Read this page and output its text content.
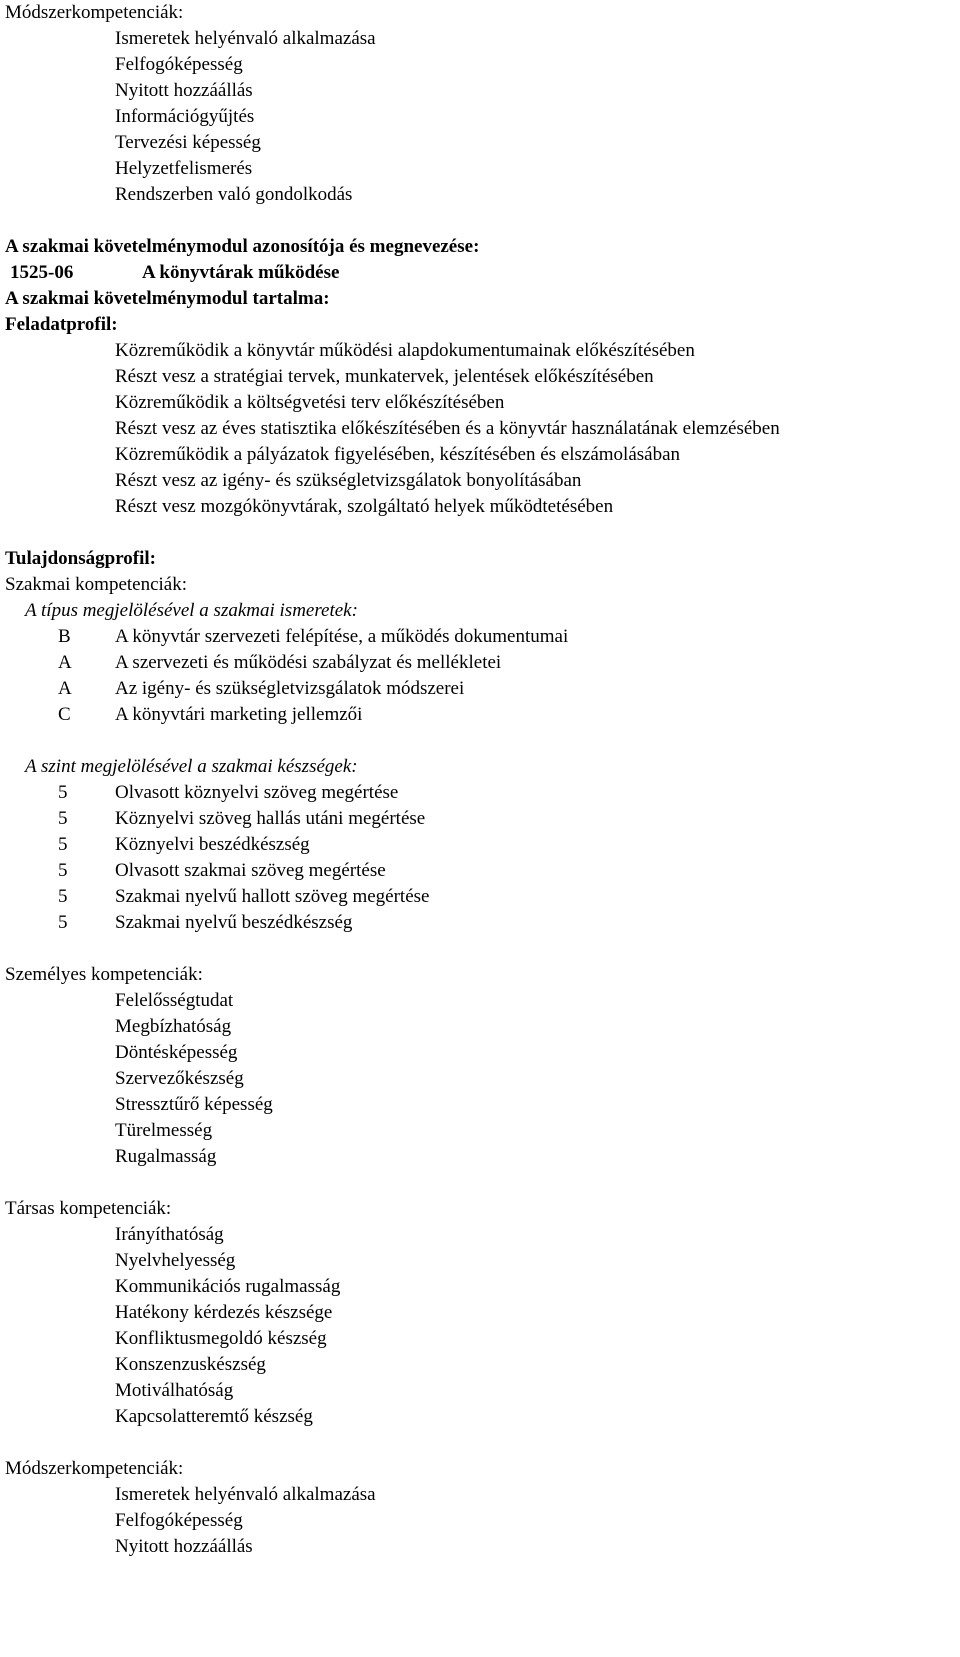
Módszerkompetenciák:
Ismeretek helyénvaló alkalmazása
Felfogóképesség
Nyitott hozzáállás
Információgyűjtés
Tervezési képesség
Helyzetfelismerés
Rendszerben való gondolkodás
A szakmai követelménymodul azonosítója és megnevezése:
1525-06	A könyvtárak működése
A szakmai követelménymodul tartalma:
Feladatprofil:
Közreműködik a könyvtár működési alapdokumentumainak előkészítésében
Részt vesz a stratégiai tervek, munkatervek, jelentések előkészítésében
Közreműködik a költségvetési terv előkészítésében
Részt vesz az éves statisztika előkészítésében és a könyvtár használatának elemzésében
Közreműködik a pályázatok figyelésében, készítésében és elszámolásában
Részt vesz az igény- és szükségletvizsgálatok bonyolításában
Részt vesz mozgókönyvtárak, szolgáltató helyek működtetésében
Tulajdonságprofil:
Szakmai kompetenciák:
A típus megjelölésével a szakmai ismeretek:
B	A könyvtár szervezeti felépítése, a működés dokumentumai
A	A szervezeti és működési szabályzat és mellékletei
A	Az igény- és szükségletvizsgálatok módszerei
C	A könyvtári marketing jellemzői
A szint megjelölésével a szakmai készségek:
5	Olvasott köznyelvi szöveg megértése
5	Köznyelvi szöveg hallás utáni megértése
5	Köznyelvi beszédkészség
5	Olvasott szakmai szöveg megértése
5	Szakmai nyelvű hallott szöveg megértése
5	Szakmai nyelvű beszédkészség
Személyes kompetenciák:
Felelősségtudat
Megbízhatóság
Döntésképesség
Szervezőkészség
Stressztűrő képesség
Türelmesség
Rugalmasság
Társas kompetenciák:
Irányíthatóság
Nyelvhelyesség
Kommunikációs rugalmasság
Hatékony kérdezés készsége
Konfliktusmegoldó készség
Konszenzuskészség
Motiválhatóság
Kapcsolatteremtő készség
Módszerkompetenciák:
Ismeretek helyénvaló alkalmazása
Felfogóképesség
Nyitott hozzáállás
